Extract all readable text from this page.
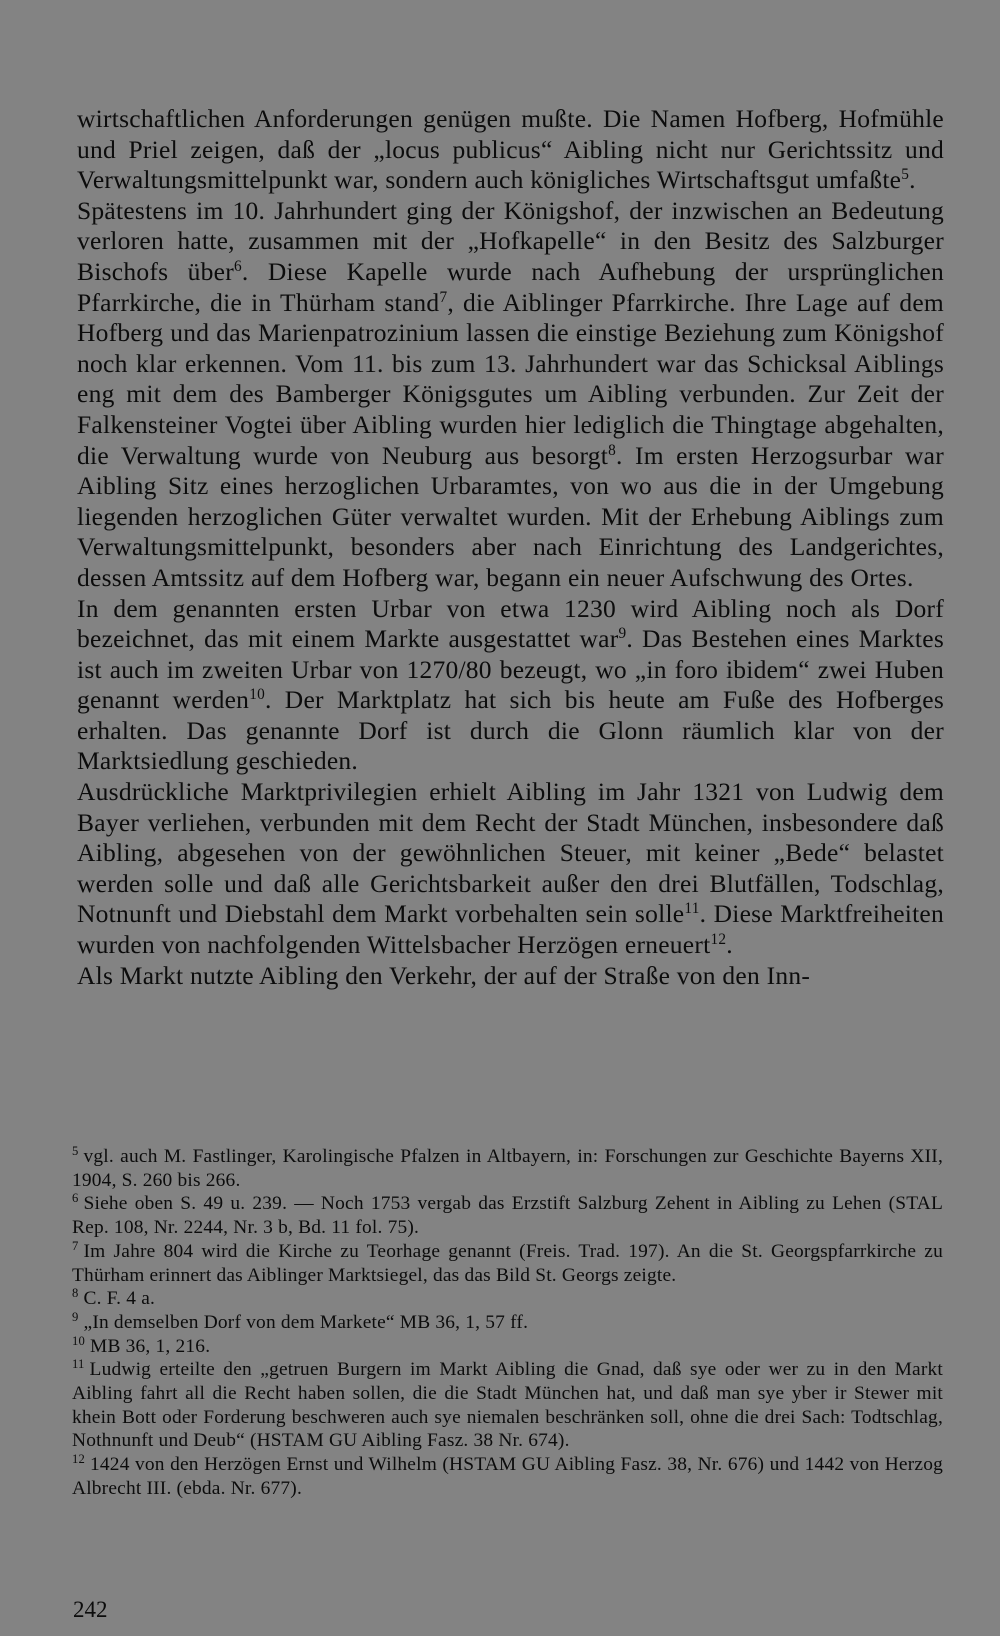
wirtschaftlichen Anforderungen genügen mußte. Die Namen Hofberg, Hofmühle und Priel zeigen, daß der „locus publicus“ Aibling nicht nur Gerichtssitz und Verwaltungsmittelpunkt war, sondern auch königliches Wirtschaftsgut umfaßte$^5$.

Spätestens im 10. Jahrhundert ging der Königshof, der inzwischen an Bedeutung verloren hatte, zusammen mit der „Hofkapelle“ in den Besitz des Salzburger Bischofs über$^6$. Diese Kapelle wurde nach Aufhebung der ursprünglichen Pfarrkirche, die in Thürham stand$^7$, die Aiblinger Pfarrkirche. Ihre Lage auf dem Hofberg und das Marienpatrozinium lassen die einstige Beziehung zum Königshof noch klar erkennen. Vom 11. bis zum 13. Jahrhundert war das Schicksal Aiblings eng mit dem des Bamberger Königsgutes um Aibling verbunden. Zur Zeit der Falkensteiner Vogtei über Aibling wurden hier lediglich die Thingtage abgehalten, die Verwaltung wurde von Neuburg aus besorgt$^8$. Im ersten Herzogsurbar war Aibling Sitz eines herzoglichen Urbaramtes, von wo aus die in der Umgebung liegenden herzoglichen Güter verwaltet wurden. Mit der Erhebung Aiblings zum Verwaltungsmittelpunkt, besonders aber nach Einrichtung des Landgerichtes, dessen Amtssitz auf dem Hofberg war, begann ein neuer Aufschwung des Ortes.

In dem genannten ersten Urbar von etwa 1230 wird Aibling noch als Dorf bezeichnet, das mit einem Markte ausgestattet war$^9$. Das Bestehen eines Marktes ist auch im zweiten Urbar von 1270/80 bezeugt, wo „in foro ibidem“ zwei Huben genannt werden$^{10}$. Der Marktplatz hat sich bis heute am Fuße des Hofberges erhalten. Das genannte Dorf ist durch die Glonn räumlich klar von der Marktsiedlung geschieden.

Ausdrückliche Marktprivilegien erhielt Aibling im Jahr 1321 von Ludwig dem Bayer verliehen, verbunden mit dem Recht der Stadt München, insbesondere daß Aibling, abgesehen von der gewöhnlichen Steuer, mit keiner „Bede“ belastet werden solle und daß alle Gerichtsbarkeit außer den drei Blutfällen, Todschlag, Notnunft und Diebstahl dem Markt vorbehalten sein solle$^{11}$. Diese Marktfreiheiten wurden von nachfolgenden Wittelsbacher Herzögen erneuert$^{12}$.

Als Markt nutzte Aibling den Verkehr, der auf der Straße von den Inn-

$^5$ vgl. auch M. Fastlinger, Karolingische Pfalzen in Altbayern, in: Forschungen zur Geschichte Bayerns XII, 1904, S. 260 bis 266.

$^6$ Siehe oben S. 49 u. 239. — Noch 1753 vergab das Erzstift Salzburg Zehent in Aibling zu Lehen (STAL Rep. 108, Nr. 2244, Nr. 3 b, Bd. 11 fol. 75).

$^7$ Im Jahre 804 wird die Kirche zu Teorhage genannt (Freis. Trad. 197). An die St. Georgspfarrkirche zu Thürham erinnert das Aiblinger Marktsiegel, das das Bild St. Georgs zeigte.

$^8$ C. F. 4 a.

$^9$ „In demselben Dorf von dem Markete“ MB 36, 1, 57 ff.

$^{10}$ MB 36, 1, 216.

$^{11}$ Ludwig erteilte den „getruen Burgern im Markt Aibling die Gnad, daß sye oder wer zu in den Markt Aibling fahrt all die Recht haben sollen, die die Stadt München hat, und daß man sye yber ir Stewer mit khein Bott oder Forderung beschweren auch sye niemalen beschränken soll, ohne die drei Sach: Todtschlag, Nothnunft und Deub“ (HSTAM GU Aibling Fasz. 38 Nr. 674).

$^{12}$ 1424 von den Herzögen Ernst und Wilhelm (HSTAM GU Aibling Fasz. 38, Nr. 676) und 1442 von Herzog Albrecht III. (ebda. Nr. 677).

242
